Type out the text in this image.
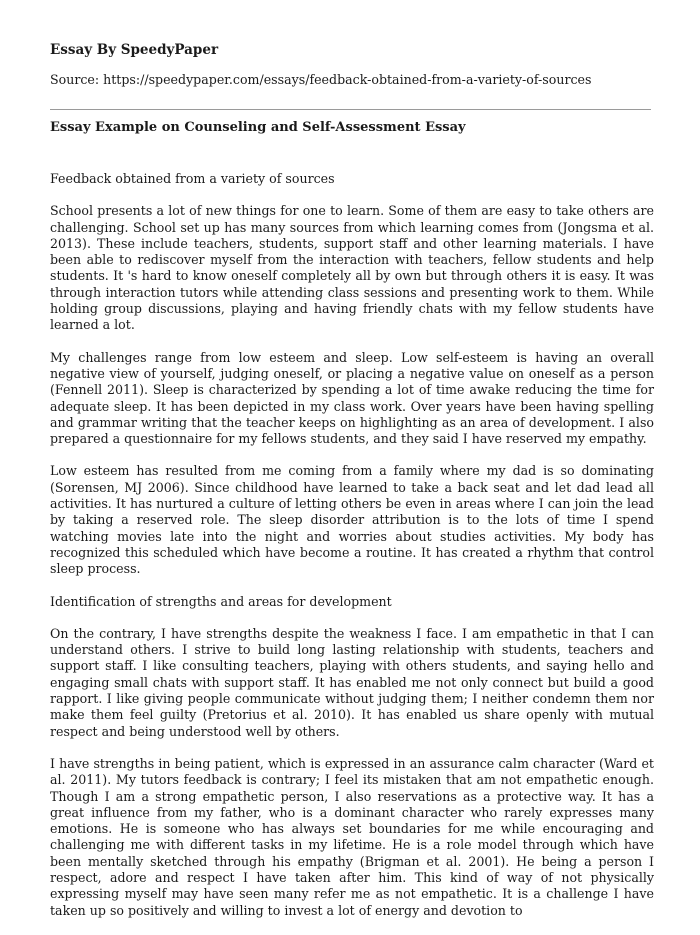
Essay By SpeedyPaper

Source: https://speedypaper.com/essays/feedback-obtained-from-a-variety-of-sources

Essay Example on Counseling and Self-Assessment Essay

Feedback obtained from a variety of sources

School presents a lot of new things for one to learn. Some of them are easy to take others are challenging. School set up has many sources from which learning comes from (Jongsma et al. 2013). These include teachers, students, support staff and other learning materials. I have been able to rediscover myself from the interaction with teachers, fellow students and help students. It 's hard to know oneself completely all by own but through others it is easy. It was through interaction tutors while attending class sessions and presenting work to them. While holding group discussions, playing and having friendly chats with my fellow students have learned a lot.

My challenges range from low esteem and sleep. Low self-esteem is having an overall negative view of yourself, judging oneself, or placing a negative value on oneself as a person (Fennell 2011). Sleep is characterized by spending a lot of time awake reducing the time for adequate sleep. It has been depicted in my class work. Over years have been having spelling and grammar writing that the teacher keeps on highlighting as an area of development. I also prepared a questionnaire for my fellows students, and they said I have reserved my empathy.

Low esteem has resulted from me coming from a family where my dad is so dominating (Sorensen, MJ 2006). Since childhood have learned to take a back seat and let dad lead all activities. It has nurtured a culture of letting others be even in areas where I can join the lead by taking a reserved role. The sleep disorder attribution is to the lots of time I spend watching movies late into the night and worries about studies activities. My body has recognized this scheduled which have become a routine. It has created a rhythm that control sleep process.

Identification of strengths and areas for development

On the contrary, I have strengths despite the weakness I face. I am empathetic in that I can understand others. I strive to build long lasting relationship with students, teachers and support staff. I like consulting teachers, playing with others students, and saying hello and engaging small chats with support staff. It has enabled me not only connect but build a good rapport. I like giving people communicate without judging them; I neither condemn them nor make them feel guilty (Pretorius et al. 2010). It has enabled us share openly with mutual respect and being understood well by others.

I have strengths in being patient, which is expressed in an assurance calm character (Ward et al. 2011). My tutors feedback is contrary; I feel its mistaken that am not empathetic enough. Though I am a strong empathetic person, I also reservations as a protective way. It has a great influence from my father, who is a dominant character who rarely expresses many emotions. He is someone who has always set boundaries for me while encouraging and challenging me with different tasks in my lifetime. He is a role model through which have been mentally sketched through his empathy (Brigman et al. 2001). He being a person I respect, adore and respect I have taken after him. This kind of way of not physically expressing myself may have seen many refer me as not empathetic. It is a challenge I have taken up so positively and willing to invest a lot of energy and devotion to
